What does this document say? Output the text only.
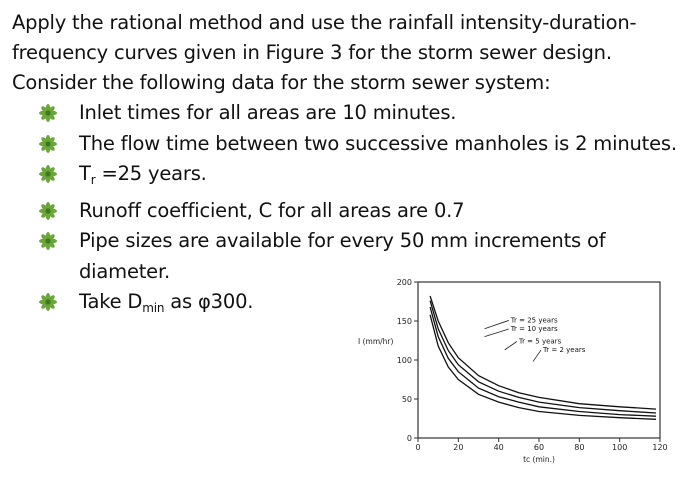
Apply the rational method and use the rainfall intensity-duration-

frequency curves given in Figure 3 for the storm sewer design.

Consider the following data for the storm sewer system:

Inlet times for all areas are 10 minutes.
The flow time between two successive manholes is 2 minutes.
$T_r =25$ years.
Runoff coefficient, C for all areas are 0.7
Pipe sizes are available for every 50 mm increments of diameter.
Take $D_{min}$ as φ300.
0
50
100
150
200
0	20	40	60	80	100	120
I (mm/hr)
tc (min.)
Tr = 25 years
Tr = 10 years
Tr = 5 years
Tr = 2 years
